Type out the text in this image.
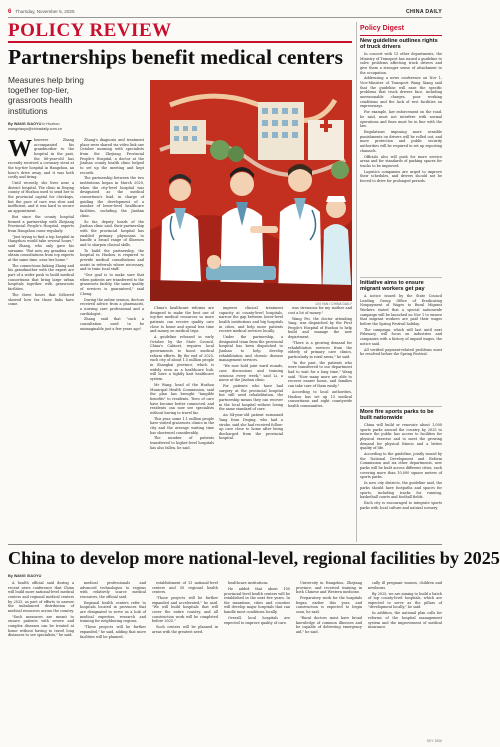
6 Thursday, November 6, 2025	CHINA DAILY
POLICY REVIEW
Partnerships benefit medical centers
Measures help bring together top-tier, grassroots health institutions
By WANG XIAOYU in Huzhou
wangxiaoyu@chinadaily.com.cn
W henever Zhang accompanied his grandmother to the hospital in the past, the 86-year-old has recently received a coronary stent at the top-tier hospital in Hangzhou, an hour's drive away, and it was both costly and tiring.

Until recently, she lives near a district hospital. The clinic in Deqing county of Huzhou used to send her to the provincial capital for checkups, but the pace of care was slow and inefficient, and it was hard to secure an appointment.

But since the county hospital formed a partnership with Zhejiang Provincial People's Hospital, experts from Hangzhou come regularly.

"Just trying to find a top hospital in Hangzhou would take several hours," said Zhang, who only gave his surname. "But now, my grandma can obtain consultations from top experts at the same time, near her home."

The connections linking Zhang and his grandmother with the expert are part of a wider push to build medical consortiums that bring large urban hospitals together with grassroots facilities.

The three hours that followed showed how far those links have come.

Zhang's diagnosis and treatment plans were shared via video link one October morning with specialists from the Zhejiang Provincial People's Hospital, a doctor at the Jiashan county health clinic helped to set up the meeting and kept records.

The partnership between the two institutions began in March 2020, when the city-level hospital was designated as the medical consortium's lead, in charge of guiding the development of a number of lower-level healthcare facilities, including the Jiashan clinic.

So far, deputy heads of the Jiashan clinic said, their partnership with the provincial hospital has enabled primary physicians to handle a broad range of illnesses and to sharpen clinical skills.

To build the partnership, the hospital in Huzhou is required to provide medical consultations and assist in referrals where necessary, and to train local staff.

"Our goal is to make sure that when patients are transferred to the grassroots facility, the same quality of services is guaranteed," said Cheng.

During the online session, doctors received advice from a pharmacist, a nursing care professional and a cardiologist.

Zhang said that "such a consultation used to be unimaginable just a few years ago".

LIN YAN / CHINA DAILY

China's healthcare reforms are designed to make the best use of top-tier medical resources so more patients can receive quality care close to home and spend less time and money on medical trips.

A guideline released in early October by the State Council, China's Cabinet, requires local governments to boost medical reform efforts. By the end of 2025, each city of about 1.5 million people in Shanghai province, which is widely seen as a healthcare hub, will have a tightly knit healthcare system.

Mr Wang, head of the Huzhou Municipal Health Commission, said the plan has brought "tangible benefits" to residents. Tiers of care have become better connected, and residents can now see specialists without having to travel far.

This year, some 1.1 million people have visited grassroots clinics in the city and the average waiting time has shortened considerably.

The number of patients transferred to higher-level hospitals has also fallen, he said.

improve clinical treatment capacity at county-level hospitals, narrow the gap between lower-level health institutions and big hospitals in cities, and help more patients receive medical services locally.

Under the partnership, a designated team from the provincial hospital has been dispatched to Jiashan to help develop rehabilitation and chronic disease management services.

"We now hold joint ward rounds, case discussions and training sessions every week," said Li, a nurse at the Jiashan clinic.

For patients who have had surgery at the provincial hospital but still need rehabilitation, the partnership means they can recover in the local hospital without losing the same standard of care.

An 84-year-old patient surnamed Yang from Deqing, who had a stroke, said she had received follow-up care close to home after being discharged from the provincial hospital.

was strenuous for my mother and cost a lot of money."

Wang Pei, the doctor attending Yang, was dispatched by the First People's Hospital of Huzhou to help build and manage the new department.

"There is a growing demand for rehabilitation services from the elderly of primary care clinics, particularly in rural areas," he said.

"In the past, the patients who were transferred to our department had to wait for a long time," Wang said. "Now many more are able to recover nearer home, and families can take care of them easily."

According to local authorities, Huzhou has set up 13 medical consortiums and eight countywide health communities.

China to develop more national-level, regional facilities by 2025
By WANG XIAOYU

A health official said during a recent news conference that China will build more national-level medical centers and regional medical centers by 2025, as part of efforts to narrow the imbalanced distribution of medical resources across the country.

"Such measures are meant to ensure patients with severe and complex diseases can be treated at home without having to travel long distances to see specialists," he said.

medical professionals and advanced technologies to regions with relatively scarce medical resources, the official said.

Regional health centers refer to hospitals located in provinces that are designated to serve as a hub of medical expertise, research and training for neighboring regions.

"These projects will be further expanded," he said, adding that more facilities will be planned.

establishment of 13 national-level centers and 50 regional health centers.

"Those projects will be further expanded and accelerated," he said. "We will build hospitals that will cover the entire country, and all construction work will be completed before 2025."

Such centers will be planned in areas with the greatest need.

healthcare institutions.

He added that about 100 provincial-level health centers will be established in the next five years. In the meantime, cities and counties will develop major hospitals that can handle most conditions locally.

Overall, local hospitals are expected to improve quality of care.

University in Hangzhou, Zhejiang province, and received training in both Chinese and Western medicine.

Preparatory work for the hospitals began earlier this year, and construction is expected to begin soon, he said.

"Rural doctors must have broad knowledge of common illnesses and be capable of delivering emergency aid," he said.

cally ill pregnant women, children and newborns.

By 2025, we are aiming to build a batch of top county-level hospitals, which are expected to serve as the pillars of "development locally," he said.

In addition, the national plan calls for reforms of the hospital management system and the improvement of medical insurance.

Policy Digest
New guideline outlines rights of truck drivers

In concert with 15 other departments, the Ministry of Transport has issued a guideline to solve problems affecting truck drivers and give them a stronger sense of attachment to the occupation.

Addressing a news conference on Nov 1, Vice-Minister of Transport Wang Xiang said that the guideline will ease the specific problems that truck drivers face, including unreasonable charges, poor working conditions and the lack of rest facilities on expressways.

For example, law enforcement on the road, he said, must not interfere with normal operations and fines must be in line with the law.

Regulations imposing more sensible punishments on drivers will be rolled out, and more protection and public security authorities will be required to set up reporting channels.

Officials also will push for more service areas and for standards of parking spaces for trucks to be improved.

Logistics companies are urged to improve their schedules, and drivers should not be forced to drive for prolonged periods.

Initiative aims to ensure migrant workers get pay

A notice issued by the State Council Leading Group Office of Eradicating Nonpayment of Wages to Rural Migrant Workers stated that a special nationwide campaign will be launched on Nov 1 to ensure that migrant workers are paid their wages before the Spring Festival holiday.

The campaign, which will last until next February, will focus on industries and companies with a history of unpaid wages, the notice said.

All verified payment-related problems must be resolved before the Spring Festival.

More fire sports parks to be built nationwide

China will build or renovate about 1,000 sports parks around the country by 2025 to ensure the public has access to facilities for physical exercise and to meet the growing demand for physical fitness and a better quality of life.

According to the guideline, jointly issued by the National Development and Reform Commission and six other departments, new parks will be built across different cities, each covering more than 10,000 square meters of sports parks.

In new city districts, the guideline said, the parks should have footpaths and spaces for sports, including tracks for running, basketball courts and football fields.

Each city is encouraged to integrate sports parks with local culture and natural scenery.

SKY 1506
